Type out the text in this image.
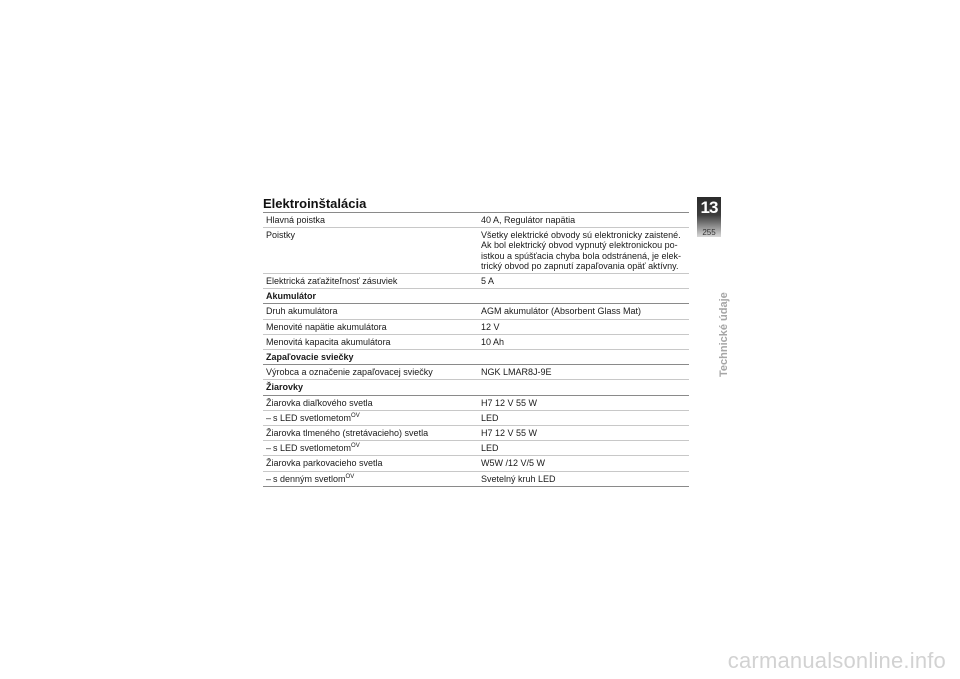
Elektroinštalácia
Hlavná poistka	40 A, Regulátor napätia
Poistky	Všetky elektrické obvody sú elektronicky zaistené. Ak bol elektrický obvod vypnutý elektronickou po-istkou a spúšťacia chyba bola odstránená, je elek-trický obvod po zapnutí zapaľovania opäť aktívny.
Elektrická zaťažiteľnosť zásuviek	5 A
Akumulátor	
Druh akumulátora	AGM akumulátor (Absorbent Glass Mat)
Menovité napätie akumulátora	12 V
Menovitá kapacita akumulátora	10 Ah
Zapaľovacie sviečky	
Výrobca a označenie zapaľovacej sviečky	NGK LMAR8J-9E
Žiarovky	
Žiarovka diaľkového svetla	H7 12 V 55 W
– s LED svetlometom$^{OV}$	LED
Žiarovka tlmeného (stretávacieho) svetla	H7 12 V 55 W
– s LED svetlometom$^{OV}$	LED
Žiarovka parkovacieho svetla	W5W /12 V/5 W
– s denným svetlom$^{OV}$	Svetelný kruh LED
13
255
Technické údaje
carmanualsonline.info
